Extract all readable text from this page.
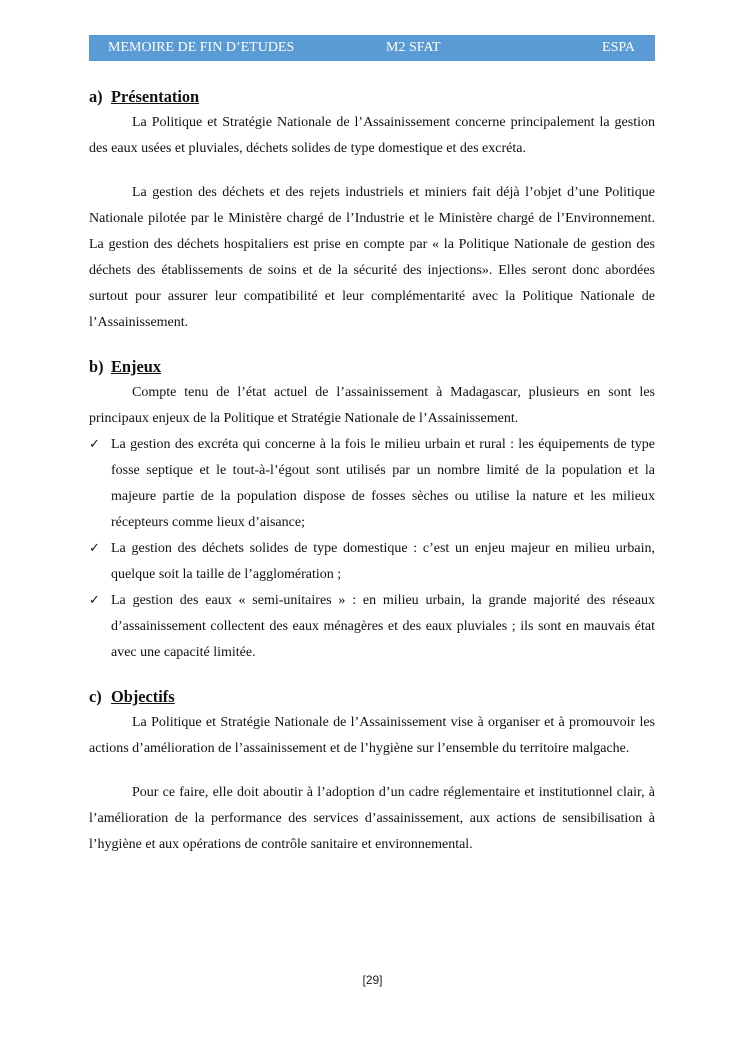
MEMOIRE DE FIN D’ETUDES	M2 SFAT	ESPA
a) Présentation

La Politique et Stratégie Nationale de l’Assainissement concerne principalement la gestion des eaux usées et pluviales, déchets solides de type domestique et des excréta.

La gestion des déchets et des rejets industriels et miniers fait déjà l’objet d’une Politique Nationale pilotée par le Ministère chargé de l’Industrie et le Ministère chargé de l’Environnement. La gestion des déchets hospitaliers est prise en compte par « la Politique Nationale de gestion des déchets des établissements de soins et de la sécurité des injections». Elles seront donc abordées surtout pour assurer leur compatibilité et leur complémentarité avec la Politique Nationale de l’Assainissement.

b) Enjeux

Compte tenu de l’état actuel de l’assainissement à Madagascar, plusieurs en sont les principaux enjeux de la Politique et Stratégie Nationale de l’Assainissement.

✓ La gestion des excréta qui concerne à la fois le milieu urbain et rural : les équipements de type fosse septique et le tout-à-l’égout sont utilisés par un nombre limité de la population et la majeure partie de la population dispose de fosses sèches ou utilise la nature et les milieux récepteurs comme lieux d’aisance;
✓ La gestion des déchets solides de type domestique : c’est un enjeu majeur en milieu urbain, quelque soit la taille de l’agglomération ;
✓ La gestion des eaux « semi-unitaires » : en milieu urbain, la grande majorité des réseaux d’assainissement collectent des eaux ménagères et des eaux pluviales ; ils sont en mauvais état avec une capacité limitée.
c) Objectifs

La Politique et Stratégie Nationale de l’Assainissement vise à organiser et à promouvoir les actions d’amélioration de l’assainissement et de l’hygiène sur l’ensemble du territoire malgache.

Pour ce faire, elle doit aboutir à l’adoption d’un cadre réglementaire et institutionnel clair, à l’amélioration de la performance des services d’assainissement, aux actions de sensibilisation à l’hygiène et aux opérations de contrôle sanitaire et environnemental.

[29]
